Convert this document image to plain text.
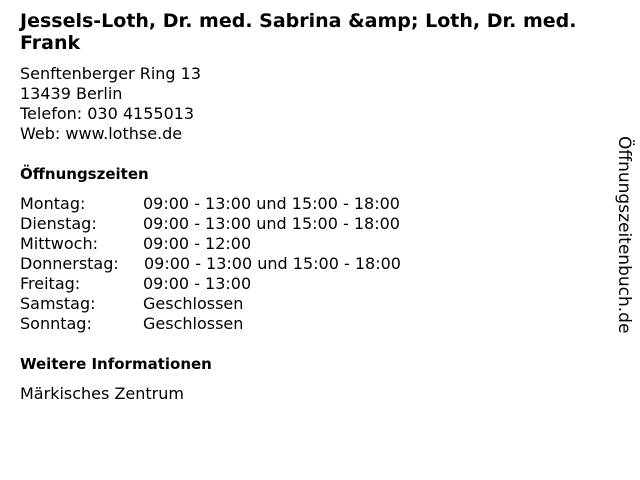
Jessels-Loth, Dr. med. Sabrina &amp; Loth, Dr. med. Frank
Senftenberger Ring 13
13439 Berlin
Telefon: 030 4155013
Web: www.lothse.de
Öffnungszeiten
Montag:	09:00 - 13:00 und 15:00 - 18:00
Dienstag:	09:00 - 13:00 und 15:00 - 18:00
Mittwoch:	09:00 - 12:00
Donnerstag:	09:00 - 13:00 und 15:00 - 18:00
Freitag:	09:00 - 13:00
Samstag:	Geschlossen
Sonntag:	Geschlossen
Weitere Informationen
Märkisches Zentrum
Öffnungszeitenbuch.de
